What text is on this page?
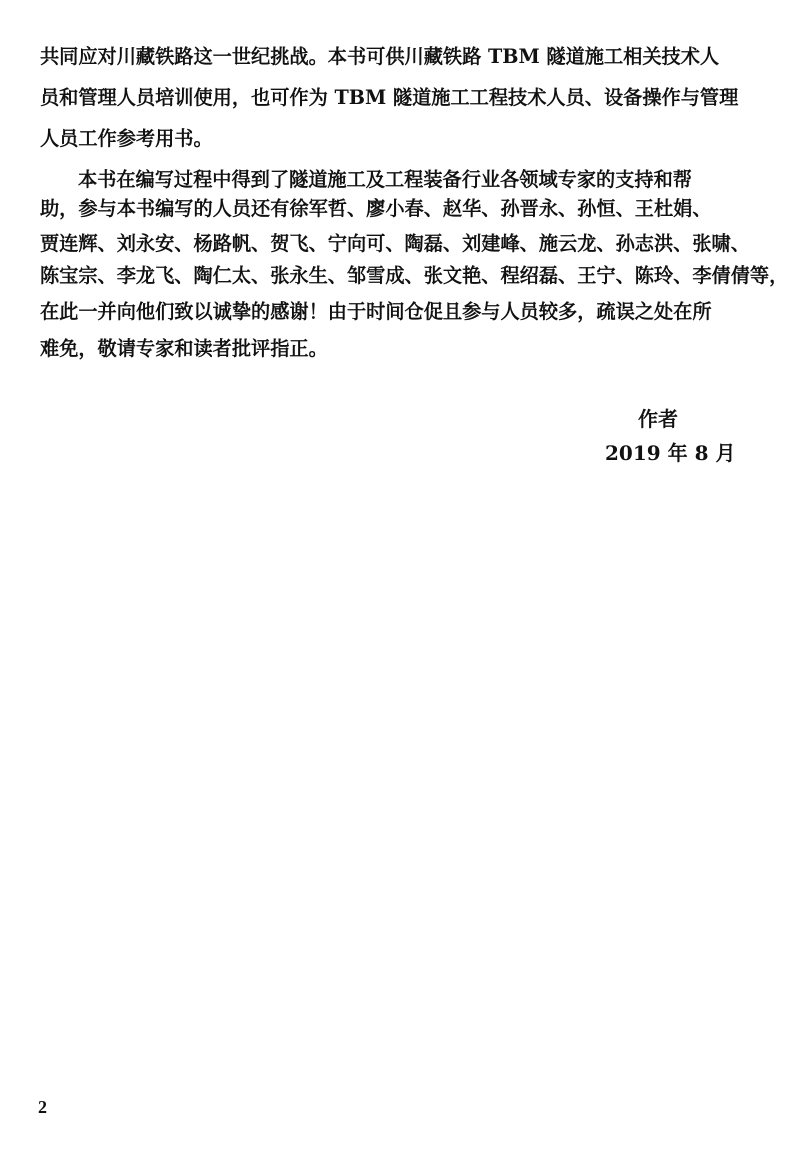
共同应对川藏铁路这一世纪挑战。本书可供川藏铁路 TBM 隧道施工相关技术人
员和管理人员培训使用，也可作为 TBM 隧道施工工程技术人员、设备操作与管理
人员工作参考用书。
本书在编写过程中得到了隧道施工及工程装备行业各领域专家的支持和帮
助，参与本书编写的人员还有徐军哲、廖小春、赵华、孙晋永、孙恒、王杜娟、
贾连辉、刘永安、杨路帆、贺飞、宁向可、陶磊、刘建峰、施云龙、孙志洪、张啸、
陈宝宗、李龙飞、陶仁太、张永生、邹雪成、张文艳、程绍磊、王宁、陈玲、李倩倩等，
在此一并向他们致以诚挚的感谢！由于时间仓促且参与人员较多，疏误之处在所
难免，敬请专家和读者批评指正。
作者
2019 年 8 月
2
